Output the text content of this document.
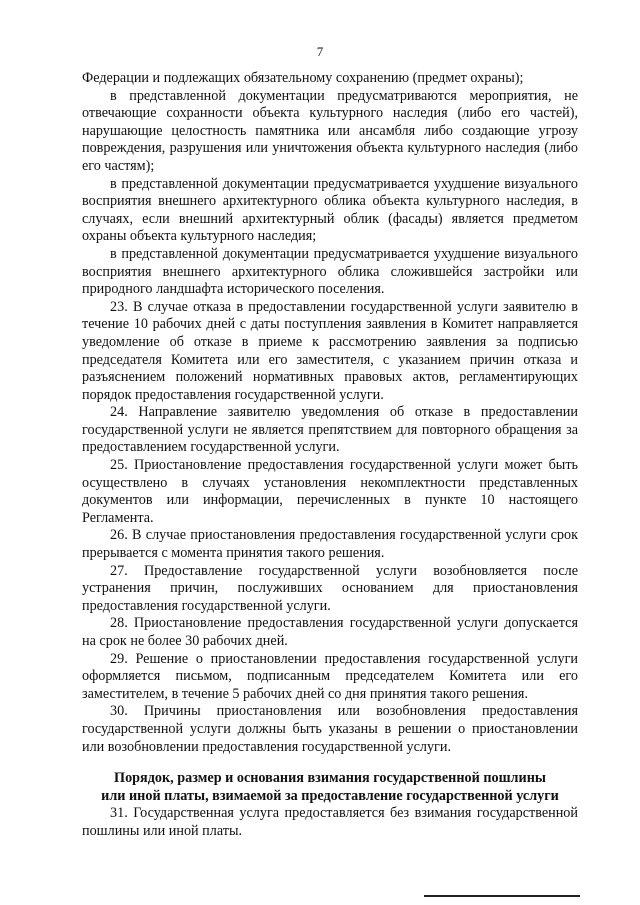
7

Федерации и подлежащих обязательному сохранению (предмет охраны);

в представленной документации предусматриваются мероприятия, не отвечающие сохранности объекта культурного наследия (либо его частей), нарушающие целостность памятника или ансамбля либо создающие угрозу повреждения, разрушения или уничтожения объекта культурного наследия (либо его частям);

в представленной документации предусматривается ухудшение визуального восприятия внешнего архитектурного облика объекта культурного наследия, в случаях, если внешний архитектурный облик (фасады) является предметом охраны объекта культурного наследия;

в представленной документации предусматривается ухудшение визуального восприятия внешнего архитектурного облика сложившейся застройки или природного ландшафта исторического поселения.

23. В случае отказа в предоставлении государственной услуги заявителю в течение 10 рабочих дней с даты поступления заявления в Комитет направляется уведомление об отказе в приеме к рассмотрению заявления за подписью председателя Комитета или его заместителя, с указанием причин отказа и разъяснением положений нормативных правовых актов, регламентирующих порядок предоставления государственной услуги.

24. Направление заявителю уведомления об отказе в предоставлении государственной услуги не является препятствием для повторного обращения за предоставлением государственной услуги.

25. Приостановление предоставления государственной услуги может быть осуществлено в случаях установления некомплектности представленных документов или информации, перечисленных в пункте 10 настоящего Регламента.

26. В случае приостановления предоставления государственной услуги срок прерывается с момента принятия такого решения.

27. Предоставление государственной услуги возобновляется после устранения причин, послуживших основанием для приостановления предоставления государственной услуги.

28. Приостановление предоставления государственной услуги допускается на срок не более 30 рабочих дней.

29. Решение о приостановлении предоставления государственной услуги оформляется письмом, подписанным председателем Комитета или его заместителем, в течение 5 рабочих дней со дня принятия такого решения.

30. Причины приостановления или возобновления предоставления государственной услуги должны быть указаны в решении о приостановлении или возобновлении предоставления государственной услуги.

Порядок, размер и основания взимания государственной пошлины
или иной платы, взимаемой за предоставление государственной услуги

31. Государственная услуга предоставляется без взимания государственной пошлины или иной платы.
